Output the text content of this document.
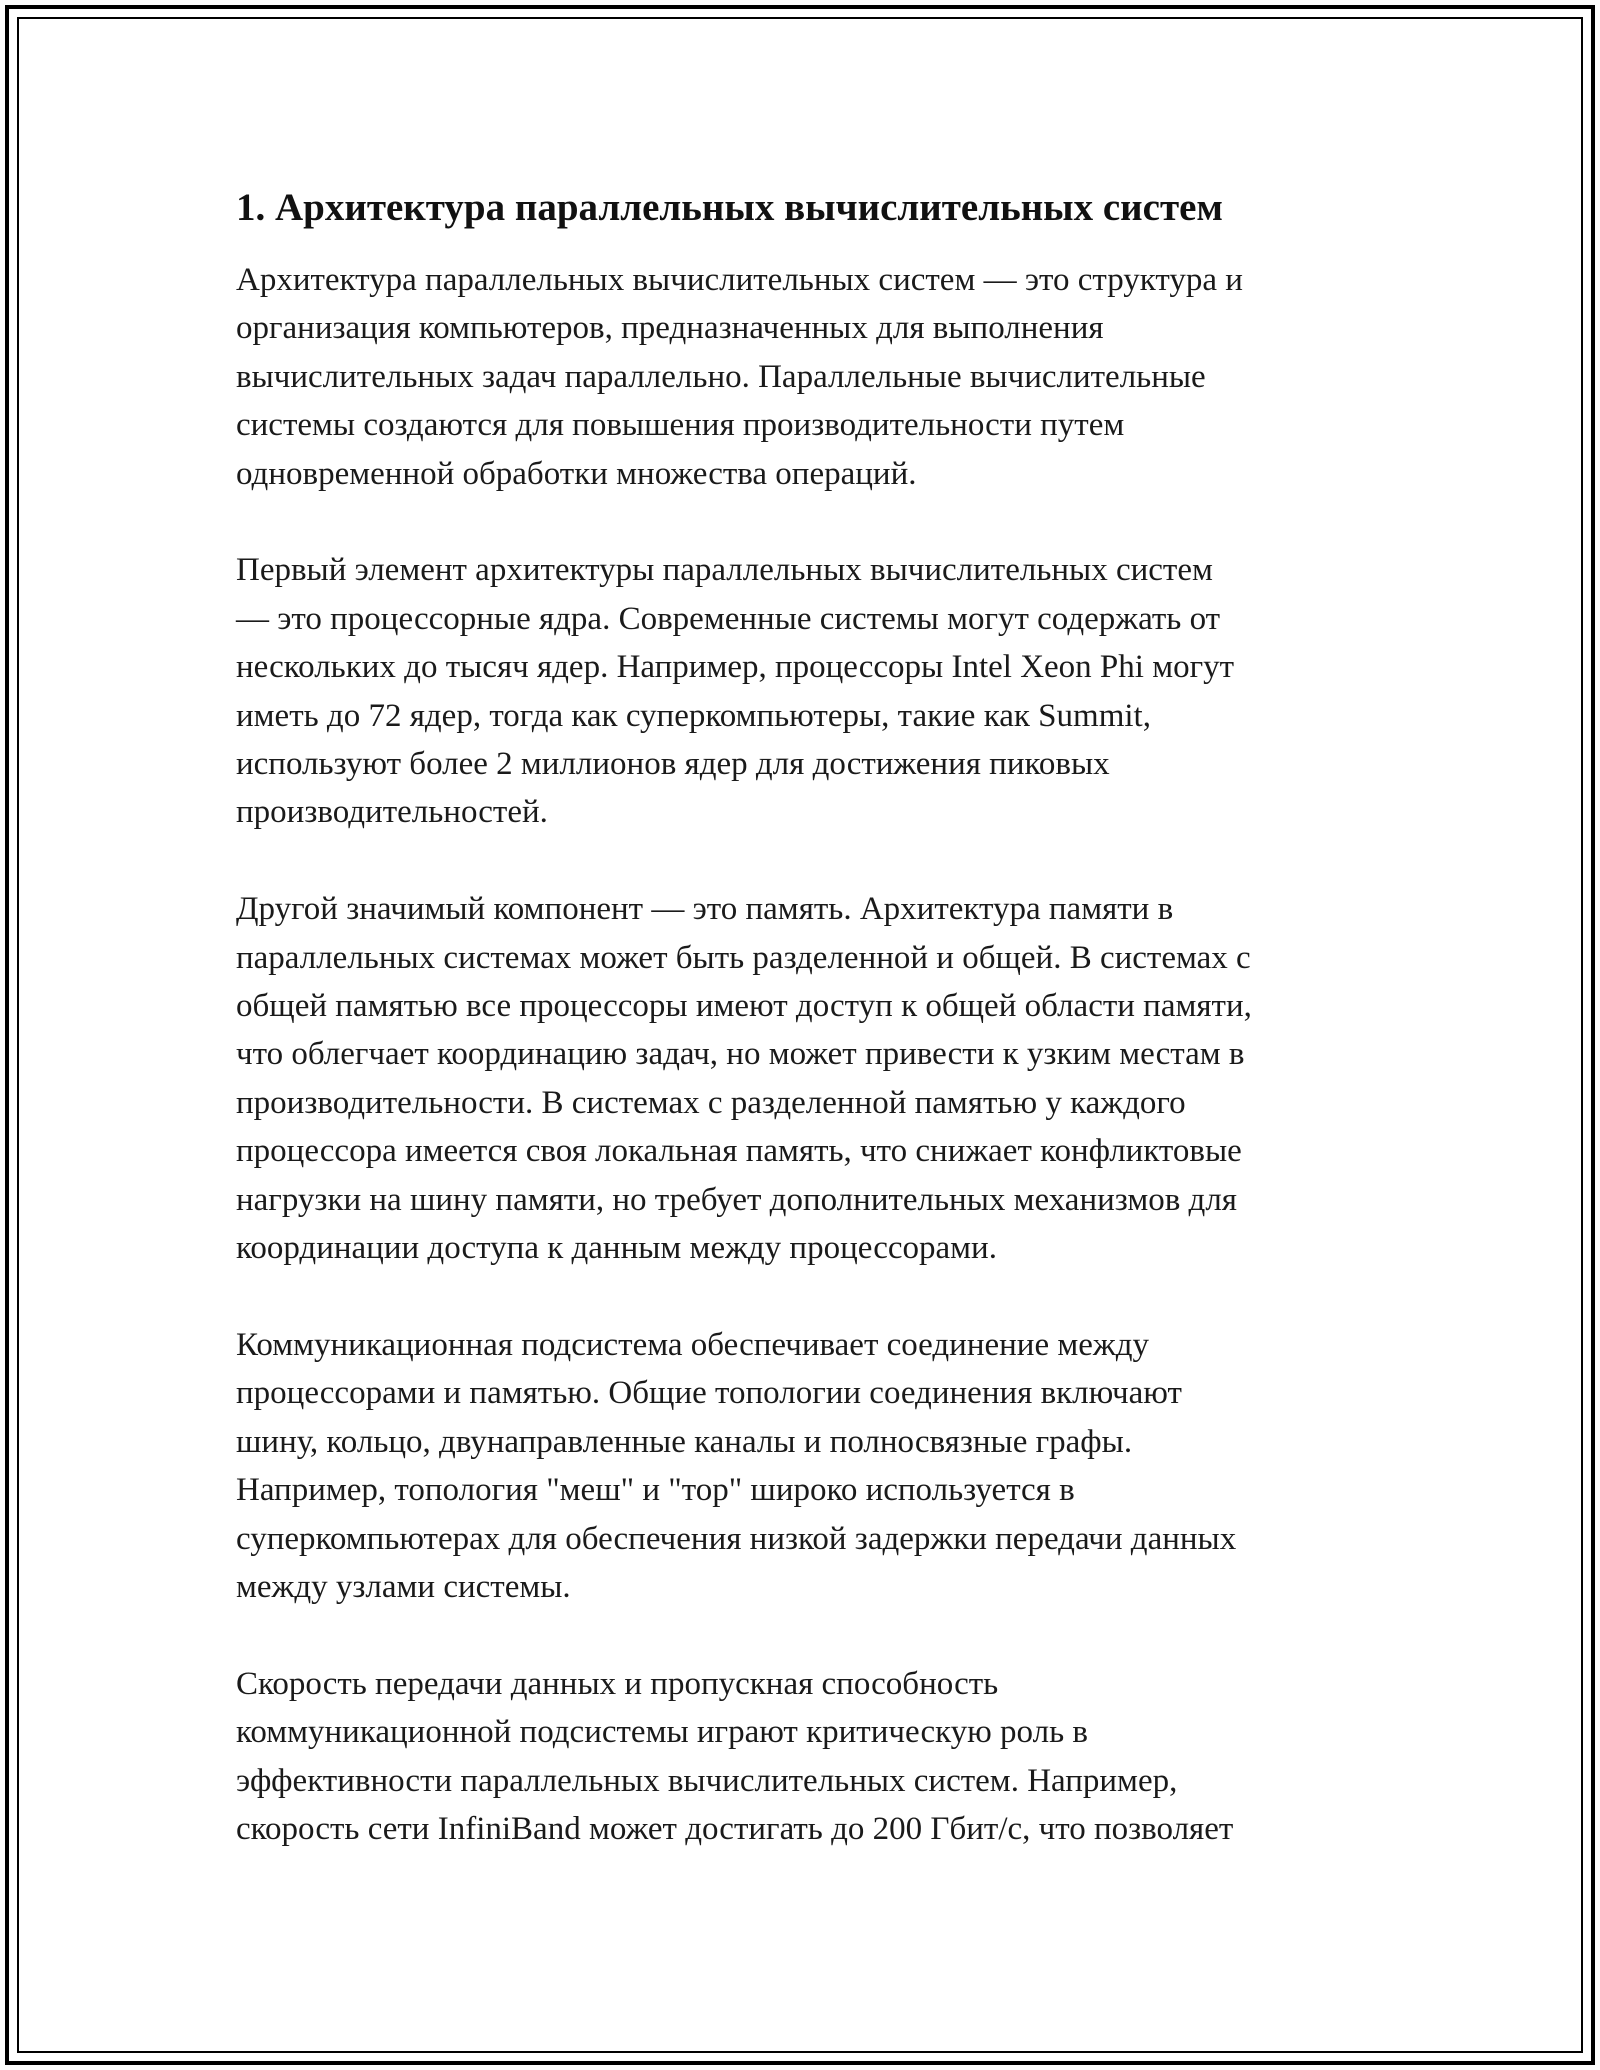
1. Архитектура параллельных вычислительных систем

Архитектура параллельных вычислительных систем — это структура и
организация компьютеров, предназначенных для выполнения
вычислительных задач параллельно. Параллельные вычислительные
системы создаются для повышения производительности путем
одновременной обработки множества операций.

Первый элемент архитектуры параллельных вычислительных систем
— это процессорные ядра. Современные системы могут содержать от
нескольких до тысяч ядер. Например, процессоры Intel Xeon Phi могут
иметь до 72 ядер, тогда как суперкомпьютеры, такие как Summit,
используют более 2 миллионов ядер для достижения пиковых
производительностей.

Другой значимый компонент — это память. Архитектура памяти в
параллельных системах может быть разделенной и общей. В системах с
общей памятью все процессоры имеют доступ к общей области памяти,
что облегчает координацию задач, но может привести к узким местам в
производительности. В системах с разделенной памятью у каждого
процессора имеется своя локальная память, что снижает конфликтовые
нагрузки на шину памяти, но требует дополнительных механизмов для
координации доступа к данным между процессорами.

Коммуникационная подсистема обеспечивает соединение между
процессорами и памятью. Общие топологии соединения включают
шину, кольцо, двунаправленные каналы и полносвязные графы.
Например, топология "меш" и "тор" широко используется в
суперкомпьютерах для обеспечения низкой задержки передачи данных
между узлами системы.

Скорость передачи данных и пропускная способность
коммуникационной подсистемы играют критическую роль в
эффективности параллельных вычислительных систем. Например,
скорость сети InfiniBand может достигать до 200 Гбит/с, что позволяет
